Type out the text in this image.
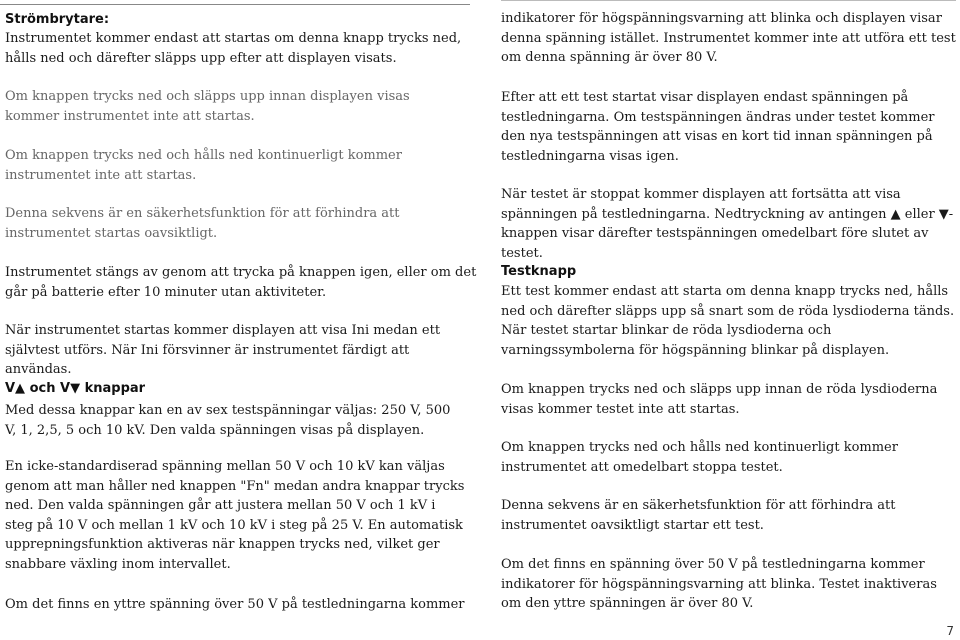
Strömbrytare:

Instrumentet kommer endast att startas om denna knapp trycks ned, hålls ned och därefter släpps upp efter att displayen visats.

Om knappen trycks ned och släpps upp innan displayen visas kommer instrumentet inte att startas.

Om knappen trycks ned och hålls ned kontinuerligt kommer instrumentet inte att startas.

Denna sekvens är en säkerhetsfunktion för att förhindra att instrumentet startas oavsiktligt.

Instrumentet stängs av genom att trycka på knappen igen, eller om det går på batterie efter 10 minuter utan aktiviteter.

När instrumentet startas kommer displayen att visa Ini medan ett självtest utförs. När Ini försvinner är instrumentet färdigt att användas.

V▲ och V▼ knappar

Med dessa knappar kan en av sex testspänningar väljas: 250 V, 500 V, 1, 2,5, 5 och 10 kV. Den valda spänningen visas på displayen.

En icke-standardiserad spänning mellan 50 V och 10 kV kan väljas genom att man håller ned knappen "Fn" medan andra knappar trycks ned. Den valda spänningen går att justera mellan 50 V och 1 kV i steg på 10 V och mellan 1 kV och 10 kV i steg på 25 V. En automatisk upprepningsfunktion aktiveras när knappen trycks ned, vilket ger snabbare växling inom intervallet.

Om det finns en yttre spänning över 50 V på testledningarna kommer

indikatorer för högspänningsvarning att blinka och displayen visar denna spänning istället. Instrumentet kommer inte att utföra ett test om denna spänning är över 80 V.

Efter att ett test startat visar displayen endast spänningen på testledningarna. Om testspänningen ändras under testet kommer den nya testspänningen att visas en kort tid innan spänningen på testledningarna visas igen.

När testet är stoppat kommer displayen att fortsätta att visa spänningen på testledningarna. Nedtryckning av antingen ▲ eller ▼-knappen visar därefter testspänningen omedelbart före slutet av testet.

Testknapp

Ett test kommer endast att starta om denna knapp trycks ned, hålls ned och därefter släpps upp så snart som de röda lysdioderna tänds. När testet startar blinkar de röda lysdioderna och varningssymbolerna för högspänning blinkar på displayen.

Om knappen trycks ned och släpps upp innan de röda lysdioderna visas kommer testet inte att startas.

Om knappen trycks ned och hålls ned kontinuerligt kommer instrumentet att omedelbart stoppa testet.

Denna sekvens är en säkerhetsfunktion för att förhindra att instrumentet oavsiktligt startar ett test.

Om det finns en spänning över 50 V på testledningarna kommer indikatorer för högspänningsvarning att blinka. Testet inaktiveras om den yttre spänningen är över 80 V.

7
